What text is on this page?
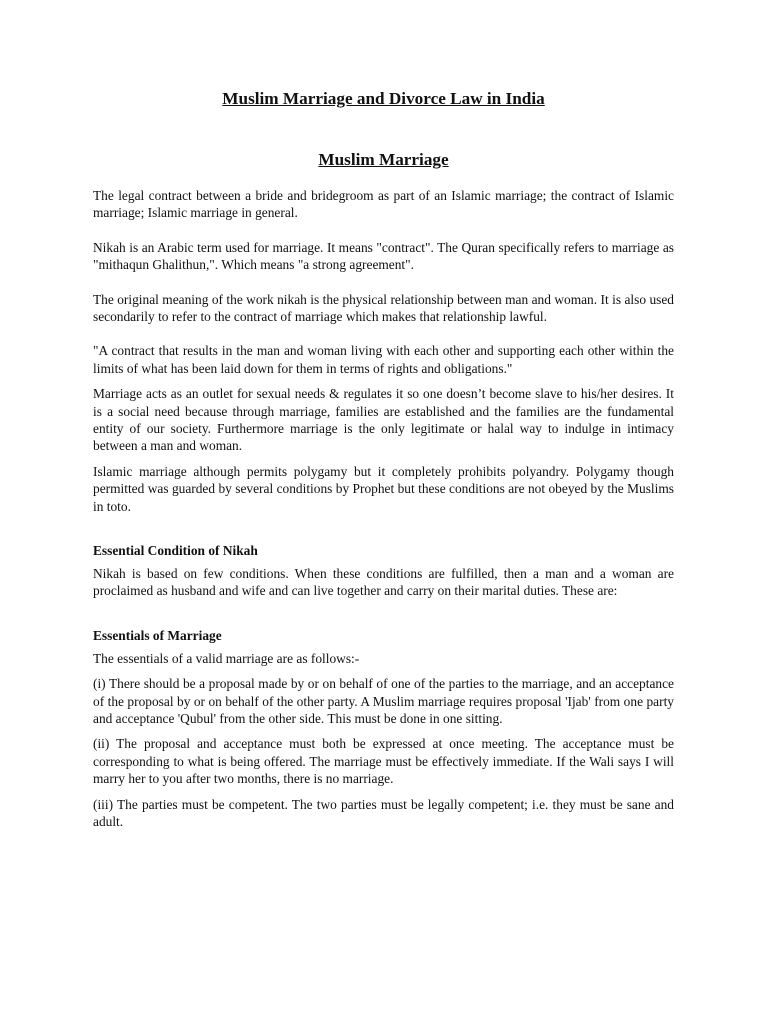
Muslim Marriage and Divorce Law in India
Muslim Marriage

The legal contract between a bride and bridegroom as part of an Islamic marriage; the contract of Islamic marriage; Islamic marriage in general.

Nikah is an Arabic term used for marriage. It means "contract". The Quran specifically refers to marriage as "mithaqun Ghalithun,". Which means "a strong agreement".

The original meaning of the work nikah is the physical relationship between man and woman. It is also used secondarily to refer to the contract of marriage which makes that relationship lawful.

"A contract that results in the man and woman living with each other and supporting each other within the limits of what has been laid down for them in terms of rights and obligations."

Marriage acts as an outlet for sexual needs & regulates it so one doesn’t become slave to his/her desires. It is a social need because through marriage, families are established and the families are the fundamental entity of our society. Furthermore marriage is the only legitimate or halal way to indulge in intimacy between a man and woman.

Islamic marriage although permits polygamy but it completely prohibits polyandry. Polygamy though permitted was guarded by several conditions by Prophet but these conditions are not obeyed by the Muslims in toto.

Essential Condition of Nikah

Nikah is based on few conditions. When these conditions are fulfilled, then a man and a woman are proclaimed as husband and wife and can live together and carry on their marital duties. These are:

Essentials of Marriage

The essentials of a valid marriage are as follows:-

(i) There should be a proposal made by or on behalf of one of the parties to the marriage, and an acceptance of the proposal by or on behalf of the other party. A Muslim marriage requires proposal 'Ijab' from one party and acceptance 'Qubul' from the other side. This must be done in one sitting.

(ii) The proposal and acceptance must both be expressed at once meeting. The acceptance must be corresponding to what is being offered. The marriage must be effectively immediate. If the Wali says I will marry her to you after two months, there is no marriage.

(iii) The parties must be competent. The two parties must be legally competent; i.e. they must be sane and adult.
